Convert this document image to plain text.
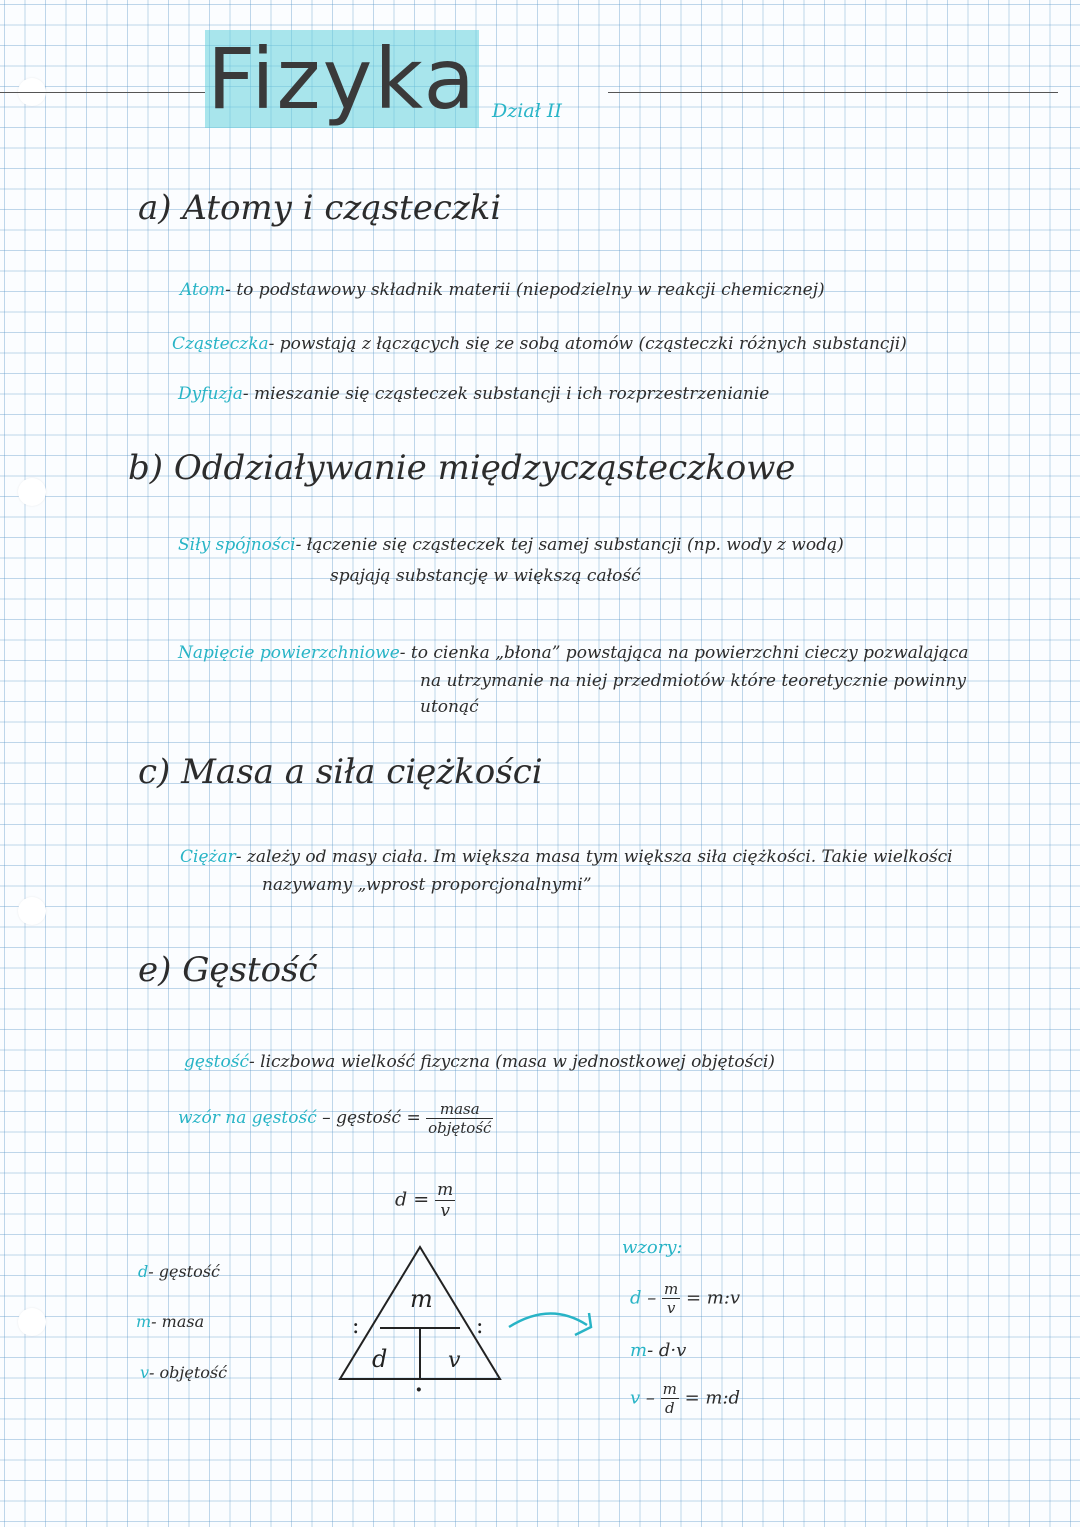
Fizyka Dział II
a) Atomy i cząsteczki
Atom- to podstawowy składnik materii (niepodzielny w reakcji chemicznej)
Cząsteczka- powstają z łączących się ze sobą atomów (cząsteczki różnych substancji)
Dyfuzja- mieszanie się cząsteczek substancji i ich rozprzestrzenianie
b) Oddziaływanie międzycząsteczkowe
Siły spójności- łączenie się cząsteczek tej samej substancji (np. wody z wodą)
spajają substancję w większą całość
Napięcie powierzchniowe- to cienka „błona” powstająca na powierzchni cieczy pozwalająca
na utrzymanie na niej przedmiotów które teoretycznie powinny
utonąć
c) Masa a siła ciężkości
Ciężar- zależy od masy ciała. Im większa masa tym większa siła ciężkości. Takie wielkości
nazywamy „wprost proporcjonalnymi”
e) Gęstość
gęstość- liczbowa wielkość fizyczna (masa w jednostkowej objętości)
wzór na gęstość – gęstość = $\frac{\text{masa}}{\text{objętość}}$
$d = \frac{m}{v}$
d- gęstość
m- masa
v- objętość
m
d	v
:	:
·
wzory:
d – $\frac{m}{v}$ = m:v
m- d·v
v – $\frac{m}{d}$ = m:d
